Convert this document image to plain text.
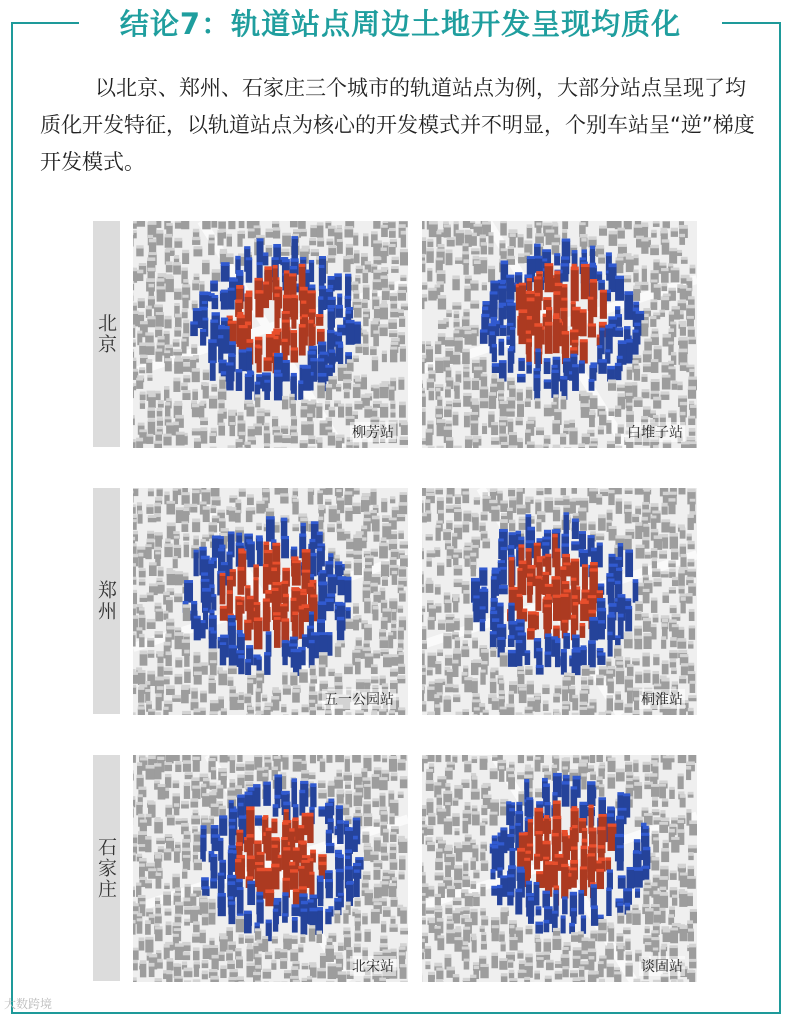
结论7：轨道站点周边土地开发呈现均质化
以北京、郑州、石家庄三个城市的轨道站点为例，大部分站点呈现了均质化开发特征，以轨道站点为核心的开发模式并不明显，个别车站呈“逆”梯度开发模式。
北京
柳芳站	白堆子站
郑州
五一公园站	桐淮站
石家庄
北宋站	谈固站
大数跨境
